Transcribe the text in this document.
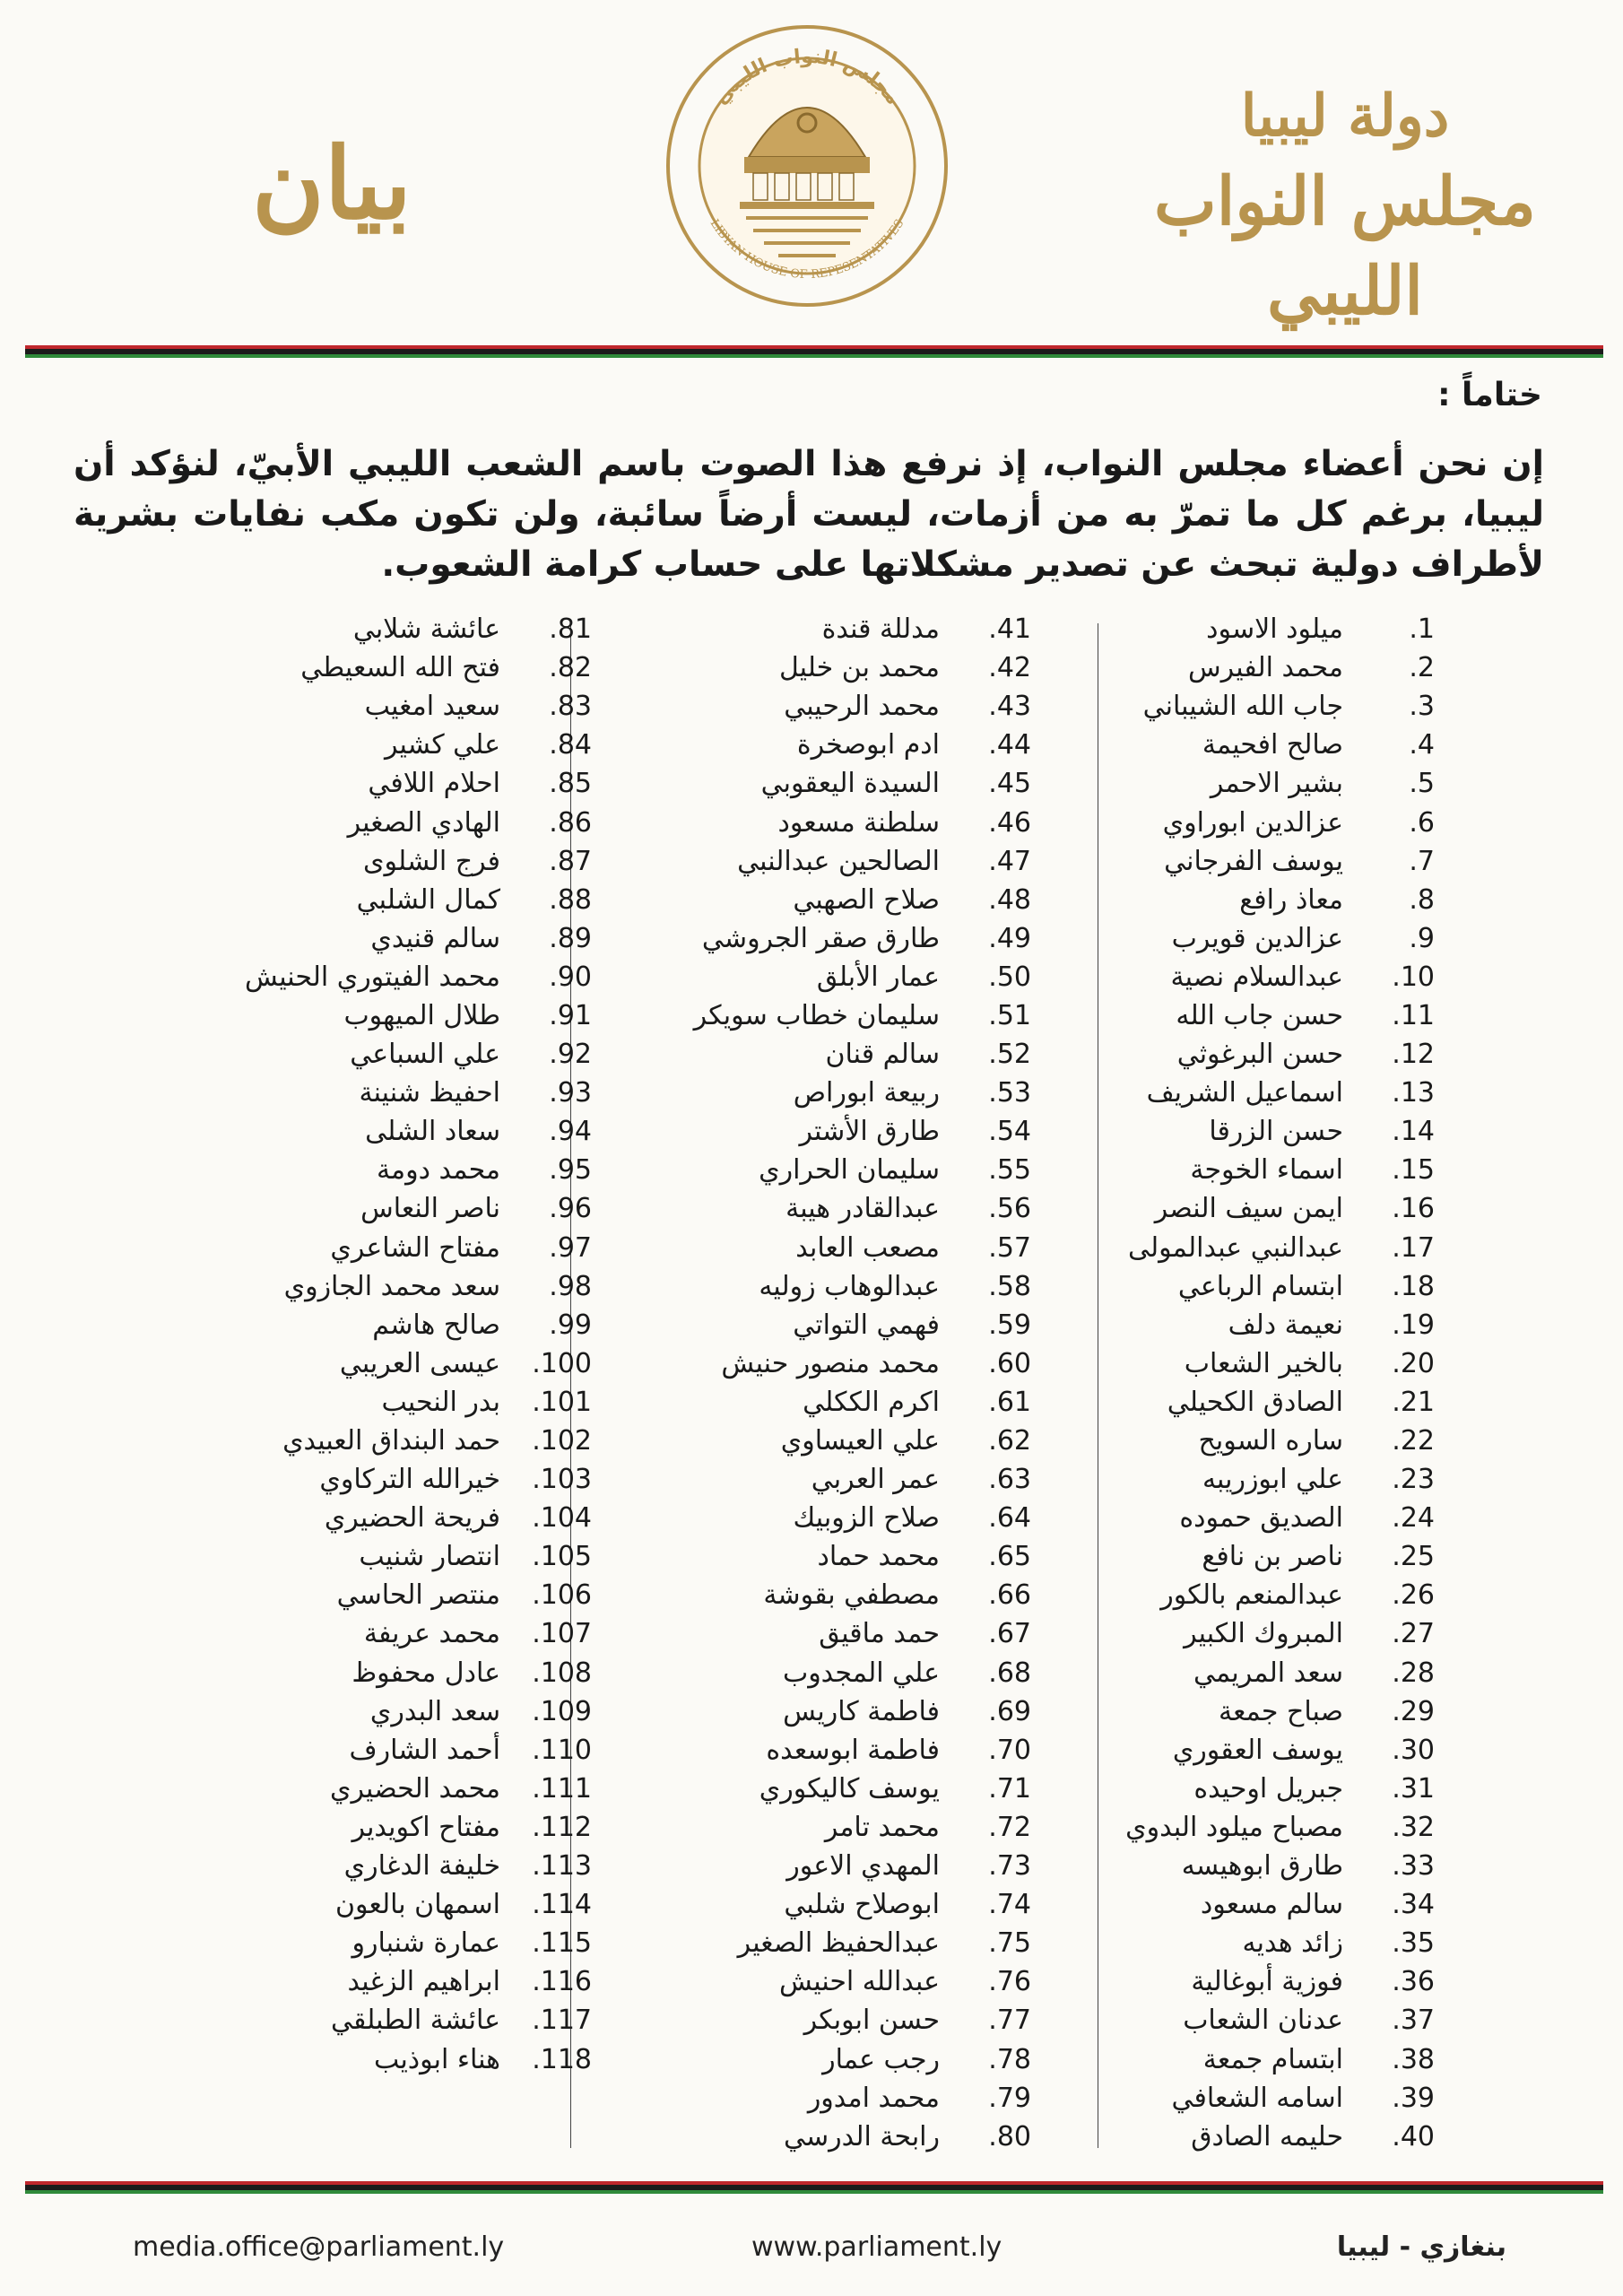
دولة ليبيا
مجلس النواب الليبي
مجلس النواب الليبي
LIBYAN HOUSE OF REPESENTATIVES
بيان
ختاماً :
إن نحن أعضاء مجلس النواب، إذ نرفع هذا الصوت باسم الشعب الليبي الأبيّ، لنؤكد أن ليبيا، برغم كل ما تمرّ به من أزمات، ليست أرضاً سائبة، ولن تكون مكب نفايات بشرية لأطراف دولية تبحث عن تصدير مشكلاتها على حساب كرامة الشعوب.
1.
ميلود الاسود
2.
محمد الفيرس
3.
جاب الله الشيباني
4.
صالح افحيمة
5.
بشير الاحمر
6.
عزالدين ابوراوي
7.
يوسف الفرجاني
8.
معاذ رافع
9.
عزالدين قويرب
10.
عبدالسلام نصية
11.
حسن جاب الله
12.
حسن البرغوثي
13.
اسماعيل الشريف
14.
حسن الزرقا
15.
اسماء الخوجة
16.
ايمن سيف النصر
17.
عبدالنبي عبدالمولى
18.
ابتسام الرباعي
19.
نعيمة دلف
20.
بالخير الشعاب
21.
الصادق الكحيلي
22.
ساره السويح
23.
علي ابوزريبه
24.
الصديق حموده
25.
ناصر بن نافع
26.
عبدالمنعم بالكور
27.
المبروك الكبير
28.
سعد المريمي
29.
صباح جمعة
30.
يوسف العقوري
31.
جبريل اوحيده
32.
مصباح ميلود البدوي
33.
طارق ابوهيسه
34.
سالم مسعود
35.
زائد هديه
36.
فوزية أبوغالية
37.
عدنان الشعاب
38.
ابتسام جمعة
39.
اسامه الشعافي
40.
حليمه الصادق
41.
مدللة قندة
42.
محمد بن خليل
43.
محمد الرحيبي
44.
ادم ابوصخرة
45.
السيدة اليعقوبي
46.
سلطنة مسعود
47.
الصالحين عبدالنبي
48.
صلاح الصهبي
49.
طارق صقر الجروشي
50.
عمار الأبلق
51.
سليمان خطاب سويكر
52.
سالم قنان
53.
ربيعة ابوراص
54.
طارق الأشتر
55.
سليمان الحراري
56.
عبدالقادر هيبة
57.
مصعب العابد
58.
عبدالوهاب زوليه
59.
فهمي التواتي
60.
محمد منصور حنيش
61.
اكرم الككلي
62.
علي العيساوي
63.
عمر العربي
64.
صلاح الزوبيك
65.
محمد حماد
66.
مصطفي بقوشة
67.
حمد ماقيق
68.
علي المجدوب
69.
فاطمة كاريس
70.
فاطمة ابوسعده
71.
يوسف كاليكوري
72.
محمد تامر
73.
المهدي الاعور
74.
ابوصلاح شلبي
75.
عبدالحفيظ الصغير
76.
عبدالله احنيش
77.
حسن ابوبكر
78.
رجب عمار
79.
محمد امدور
80.
رابحة الدرسي
81.
عائشة شلابي
82.
فتح الله السعيطي
83.
سعيد امغيب
84.
علي كشير
85.
احلام اللافي
86.
الهادي الصغير
87.
فرج الشلوى
88.
كمال الشلبي
89.
سالم قنيدي
90.
محمد الفيتوري الحنيش
91.
طلال الميهوب
92.
علي السباعي
93.
احفيظ شنينة
94.
سعاد الشلى
95.
محمد دومة
96.
ناصر النعاس
97.
مفتاح الشاعري
98.
سعد محمد الجازوي
99.
صالح هاشم
100.
عيسى العريبي
101.
بدر النحيب
102.
حمد البنداق العبيدي
103.
خيرالله التركاوي
104.
فريحة الحضيري
105.
انتصار شنيب
106.
منتصر الحاسي
107.
محمد عريفة
108.
عادل محفوظ
109.
سعد البدري
110.
أحمد الشارف
111.
محمد الحضيري
112.
مفتاح اكويدير
113.
خليفة الدغاري
114.
اسمهان بالعون
115.
عمارة شنبارو
116.
ابراهيم الزغيد
117.
عائشة الطبلقي
118.
هناء ابوذيب
media.office@parliament.ly	www.parliament.ly	بنغازي - ليبيا
